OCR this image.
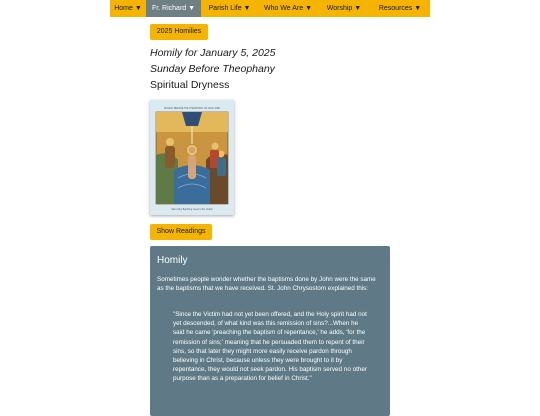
Home ▼	Fr. Richard ▼	Parish Life ▼	Who We Are ▼	Worship ▼	Resources ▼
2025 Homilies
Homily for January 5, 2025
Sunday Before Theophany
Spiritual Dryness
SUNDAY BEFORE THE THEOPHANY OF OUR LORD
Saint John Baptizing Jesus in the Jordan
Show Readings
Homily

Sometimes people wonder whether the baptisms done by John were the same as the baptisms that we have received. St. John Chrysostom explained this:

"Since the Victim had not yet been offered, and the Holy spirit had not yet descended, of what kind was this remission of sins?...When he said he came 'preaching the baptism of repentance,' he adds, 'for the remission of sins;' meaning that he persuaded them to repent of their sins, so that later they might more easily receive pardon through believing in Christ, because unless they were brought to it by repentance, they would not seek pardon. His baptism served no other purpose than as a preparation for belief in Christ."
